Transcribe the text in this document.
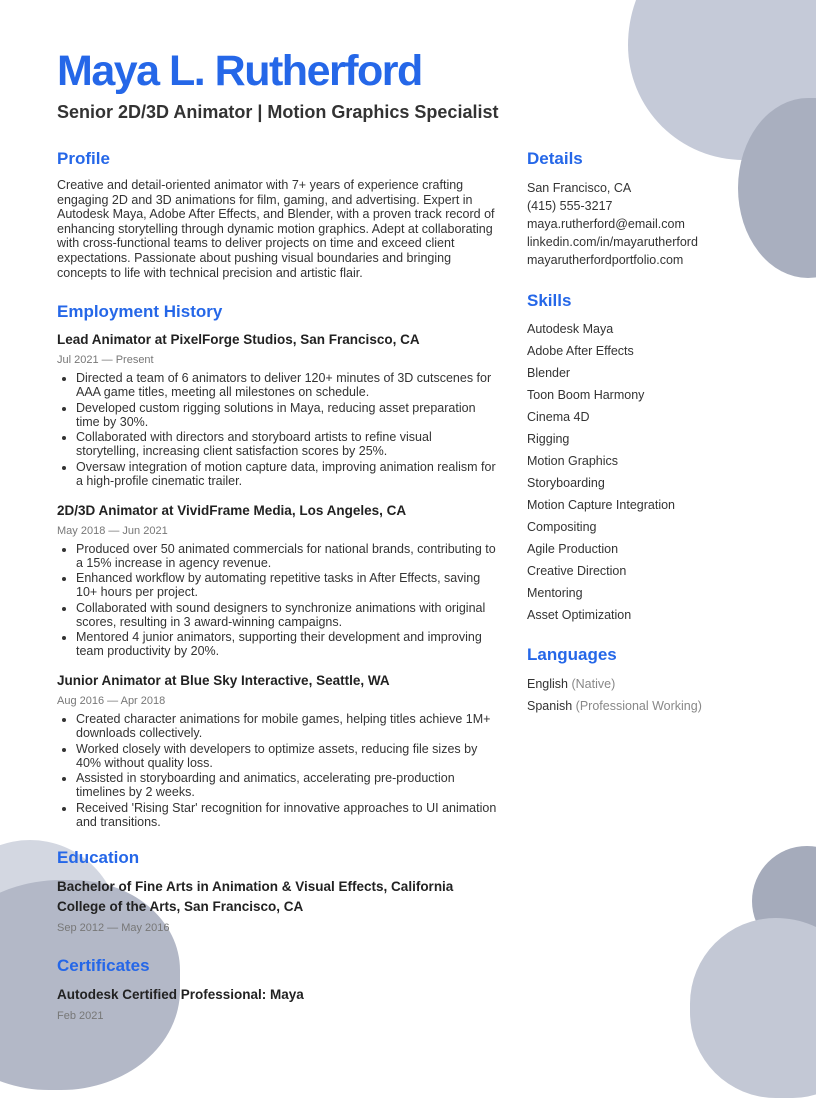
Maya L. Rutherford
Senior 2D/3D Animator | Motion Graphics Specialist
Profile

Creative and detail-oriented animator with 7+ years of experience crafting engaging 2D and 3D animations for film, gaming, and advertising. Expert in Autodesk Maya, Adobe After Effects, and Blender, with a proven track record of enhancing storytelling through dynamic motion graphics. Adept at collaborating with cross-functional teams to deliver projects on time and exceed client expectations. Passionate about pushing visual boundaries and bringing concepts to life with technical precision and artistic flair.

Employment History
Lead Animator at PixelForge Studios, San Francisco, CA
Jul 2021 — Present
• Directed a team of 6 animators to deliver 120+ minutes of 3D cutscenes for AAA game titles, meeting all milestones on schedule.
• Developed custom rigging solutions in Maya, reducing asset preparation time by 30%.
• Collaborated with directors and storyboard artists to refine visual storytelling, increasing client satisfaction scores by 25%.
• Oversaw integration of motion capture data, improving animation realism for a high-profile cinematic trailer.
2D/3D Animator at VividFrame Media, Los Angeles, CA
May 2018 — Jun 2021
• Produced over 50 animated commercials for national brands, contributing to a 15% increase in agency revenue.
• Enhanced workflow by automating repetitive tasks in After Effects, saving 10+ hours per project.
• Collaborated with sound designers to synchronize animations with original scores, resulting in 3 award-winning campaigns.
• Mentored 4 junior animators, supporting their development and improving team productivity by 20%.
Junior Animator at Blue Sky Interactive, Seattle, WA
Aug 2016 — Apr 2018
• Created character animations for mobile games, helping titles achieve 1M+ downloads collectively.
• Worked closely with developers to optimize assets, reducing file sizes by 40% without quality loss.
• Assisted in storyboarding and animatics, accelerating pre-production timelines by 2 weeks.
• Received 'Rising Star' recognition for innovative approaches to UI animation and transitions.
Education
Bachelor of Fine Arts in Animation & Visual Effects, California College of the Arts, San Francisco, CA
Sep 2012 — May 2016
Certificates
Autodesk Certified Professional: Maya
Feb 2021
Details

San Francisco, CA

(415) 555-3217

maya.rutherford@email.com

linkedin.com/in/mayarutherford

mayarutherfordportfolio.com

Skills

Autodesk Maya

Adobe After Effects

Blender

Toon Boom Harmony

Cinema 4D

Rigging

Motion Graphics

Storyboarding

Motion Capture Integration

Compositing

Agile Production

Creative Direction

Mentoring

Asset Optimization

Languages

English (Native)

Spanish (Professional Working)
